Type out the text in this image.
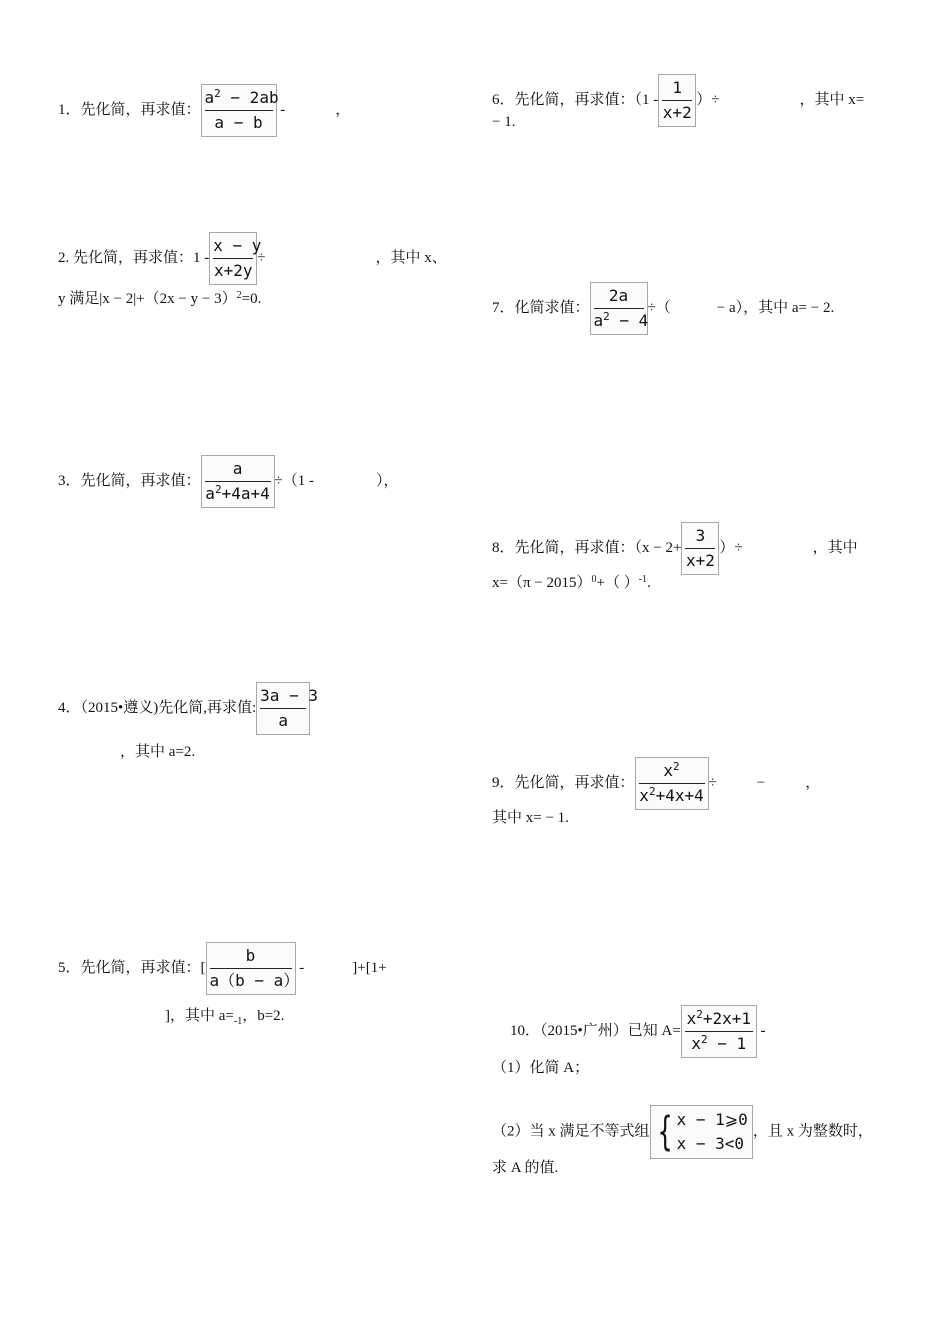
1．先化简，再求值： $\frac{a^2 - 2ab}{a - b}$ -	，
2. 先化简，再求值：$1 - \frac{x - y}{x+2y}$ ÷	，其中 x、
y 满足$|x - 2|+(2x - y - 3)^2=0$.
3．先化简，再求值： $\frac{a}{a^2+4a+4} \div(1$ -	），
4．（2015•遵义)先化简,再求值: $\frac{3a - 3}{a}$
，其中 a=2.
5．先化简，再求值：[ $\frac{b}{a(b - a)}$ -	]+[1+
]，其中 $a=_{-1}$，b=2.
6．先化简，再求值：（$1 - \frac{1}{x+2}$ ）÷	，其中 x=
− 1.
7．化简求值： $\frac{2a}{a^2 - 4}$ ÷（	− a），其中 a= − 2.
8．先化简，再求值：（$x - 2+ \frac{3}{x+2}$ ）÷	，其中
$x=(\pi - 2015)^0+$（ ）$^{-1}$.
9．先化简，再求值： $\frac{x^2}{x^2+4x+4}$ ÷	−	，
其中 x= − 1.
10．（2015•广州）已知 $A= \frac{x^2+2x+1}{x^2 - 1}$ -
（1）化简 A；
（2）当 x 满足不等式组 { x − 1⩾0
x − 3<0
，且 x 为整数时，
求 A 的值.
